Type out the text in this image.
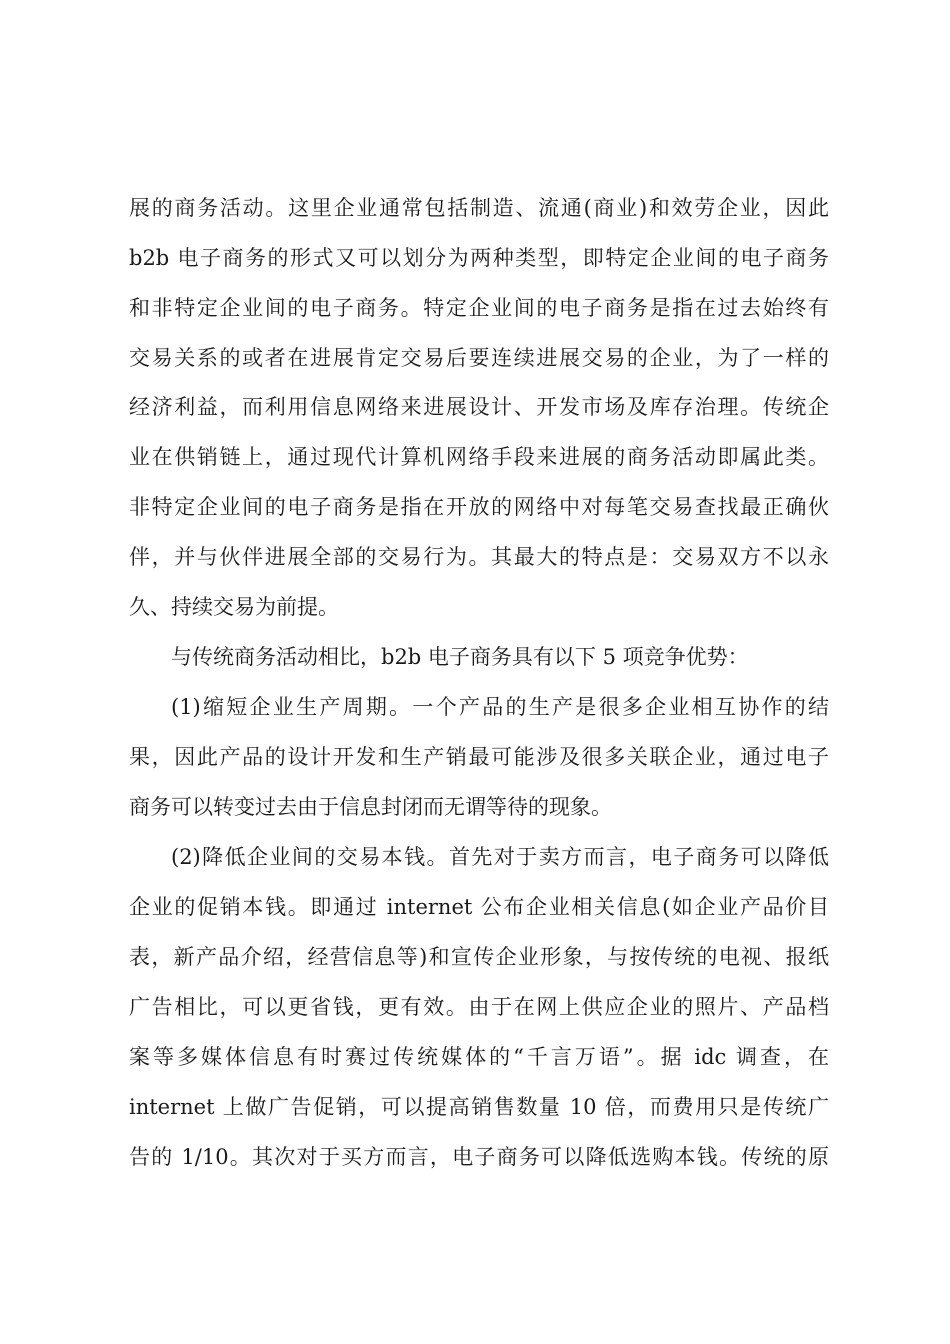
展的商务活动。这里企业通常包括制造、流通(商业)和效劳企业，因此
b2b 电子商务的形式又可以划分为两种类型，即特定企业间的电子商务
和非特定企业间的电子商务。特定企业间的电子商务是指在过去始终有
交易关系的或者在进展肯定交易后要连续进展交易的企业，为了一样的
经济利益，而利用信息网络来进展设计、开发市场及库存治理。传统企
业在供销链上，通过现代计算机网络手段来进展的商务活动即属此类。
非特定企业间的电子商务是指在开放的网络中对每笔交易查找最正确伙
伴，并与伙伴进展全部的交易行为。其最大的特点是：交易双方不以永
久、持续交易为前提。
与传统商务活动相比，b2b 电子商务具有以下 5 项竞争优势：
(1)缩短企业生产周期。一个产品的生产是很多企业相互协作的结
果，因此产品的设计开发和生产销最可能涉及很多关联企业，通过电子
商务可以转变过去由于信息封闭而无谓等待的现象。
(2)降低企业间的交易本钱。首先对于卖方而言，电子商务可以降低
企业的促销本钱。即通过 internet 公布企业相关信息(如企业产品价目
表，新产品介绍，经营信息等)和宣传企业形象，与按传统的电视、报纸
广告相比，可以更省钱，更有效。由于在网上供应企业的照片、产品档
案等多媒体信息有时赛过传统媒体的“千言万语”。据 idc 调查，在
internet 上做广告促销，可以提高销售数量 10 倍，而费用只是传统广
告的 1/10。其次对于买方而言，电子商务可以降低选购本钱。传统的原
